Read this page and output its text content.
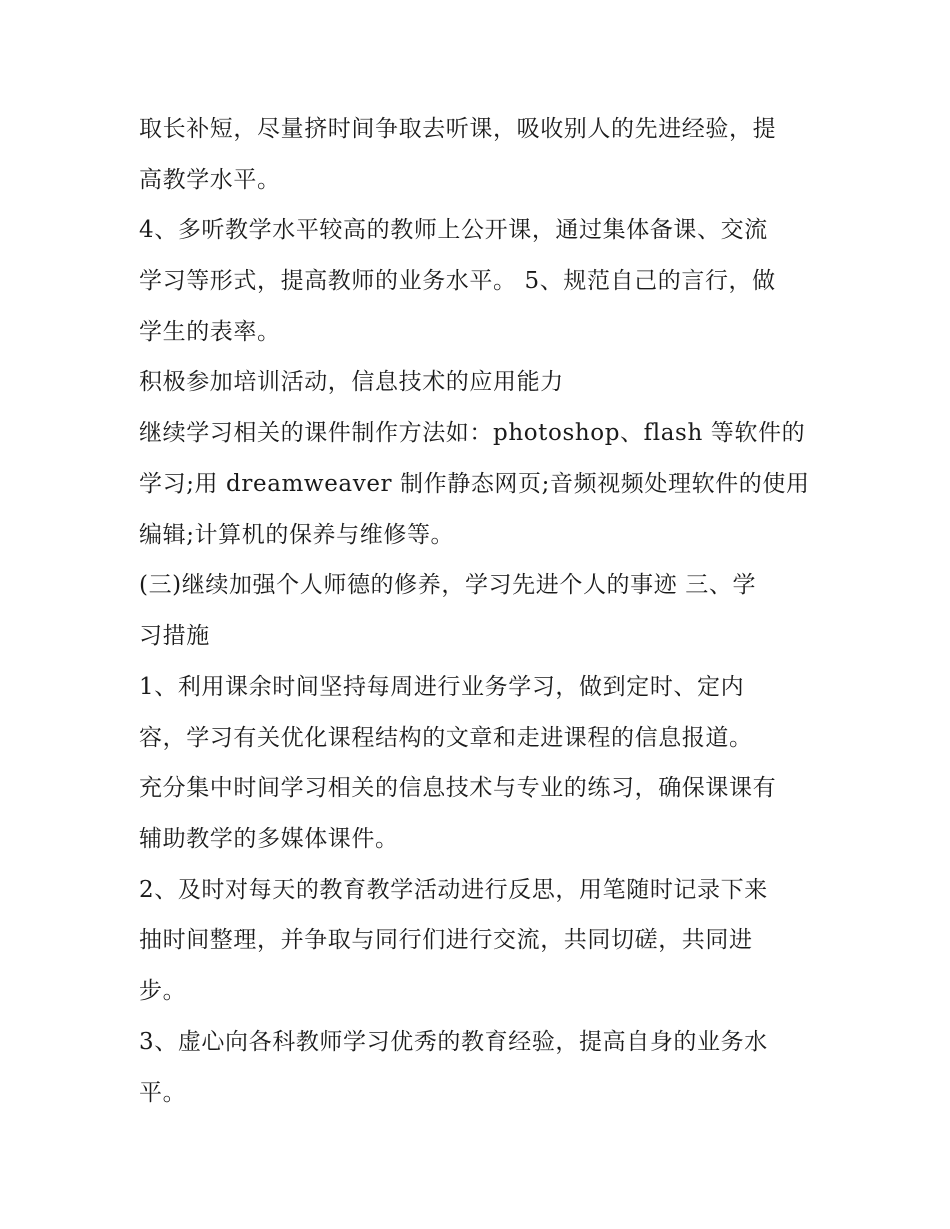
取长补短，尽量挤时间争取去听课，吸收别人的先进经验，提
高教学水平。
4、多听教学水平较高的教师上公开课，通过集体备课、交流
学习等形式，提高教师的业务水平。 5、规范自己的言行，做
学生的表率。
积极参加培训活动，信息技术的应用能力
继续学习相关的课件制作方法如：photoshop、flash 等软件的
学习;用 dreamweaver 制作静态网页;音频视频处理软件的使用
编辑;计算机的保养与维修等。
(三)继续加强个人师德的修养，学习先进个人的事迹 三、学
习措施
1、利用课余时间坚持每周进行业务学习，做到定时、定内
容，学习有关优化课程结构的文章和走进课程的信息报道。
充分集中时间学习相关的信息技术与专业的练习，确保课课有
辅助教学的多媒体课件。
2、及时对每天的教育教学活动进行反思，用笔随时记录下来
抽时间整理，并争取与同行们进行交流，共同切磋，共同进
步。
3、虚心向各科教师学习优秀的教育经验，提高自身的业务水
平。
